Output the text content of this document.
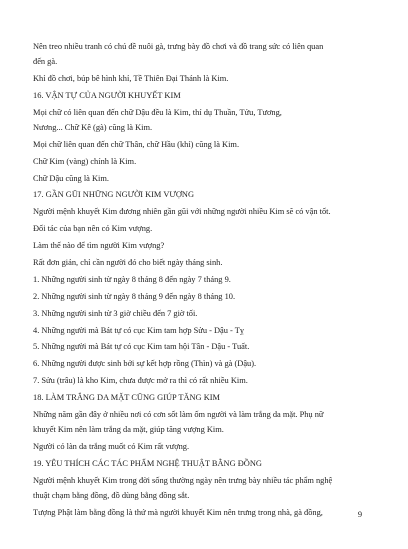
Nên treo nhiều tranh có chú đề nuôi gà, trưng bày đồ chơi và đồ trang sức có liên quan
đến gà.
Khỉ đồ chơi, búp bê hình khỉ, Tề Thiên Đại Thánh là Kim.
16. VẬN TỰ CỦA NGƯỜI KHUYẾT KIM
Mọi chữ có liên quan đến chữ Dậu đều là Kim, thí dụ Thuần, Tửu, Tương,
Nương... Chữ Kê (gà) cũng là Kim.
Mọi chữ liên quan đến chữ Thân, chữ Hầu (khỉ) cũng là Kim.
Chữ Kim (vàng) chính là Kim.
Chữ Dậu cũng là Kim.
17. GẦN GŨI NHỮNG NGƯỜI KIM VƯỢNG
Người mệnh khuyết Kim đương nhiên gần gũi với những người nhiều Kim sẽ có vận tốt.
Đối tác của bạn nên có Kim vượng.
Làm thế nào để tìm người Kim vượng?
Rất đơn giản, chỉ cần người đó cho biết ngày tháng sinh.
1. Những người sinh từ ngày 8 tháng 8 đến ngày 7 tháng 9.
2. Những người sinh từ ngày 8 tháng 9 đến ngày 8 tháng 10.
3. Những người sinh từ 3 giờ chiều đến 7 giờ tối.
4. Những người mà Bát tự có cục Kim tam hợp Sửu - Dậu - Tỵ
5. Những người mà Bát tự có cục Kim tam hội Tân - Dậu - Tuất.
6. Những người được sinh bởi sự kết hợp rồng (Thìn) và gà (Dậu).
7. Sửu (trâu) là kho Kim, chưa được mở ra thì có rất nhiều Kim.
18. LÀM TRẮNG DA MẶT CŨNG GIÚP TĂNG KIM
Những năm gần đây ở nhiều nơi có cơn sốt làm ốm người và làm trắng da mặt. Phụ nữ
khuyết Kim nên làm trắng da mặt, giúp tăng vượng Kim.
Người có làn da trắng muốt có Kim rất vượng.
19. YÊU THÍCH CÁC TÁC PHẨM NGHỆ THUẬT BẰNG ĐỒNG
Người mệnh khuyết Kim trong đời sống thường ngày nên trưng bày nhiều tác phẩm nghệ
thuật chạm bằng đồng, đồ dùng bằng đồng sắt.
Tượng Phật làm bằng đồng là thứ mà người khuyết Kim nên trưng trong nhà, gà đồng,	9
